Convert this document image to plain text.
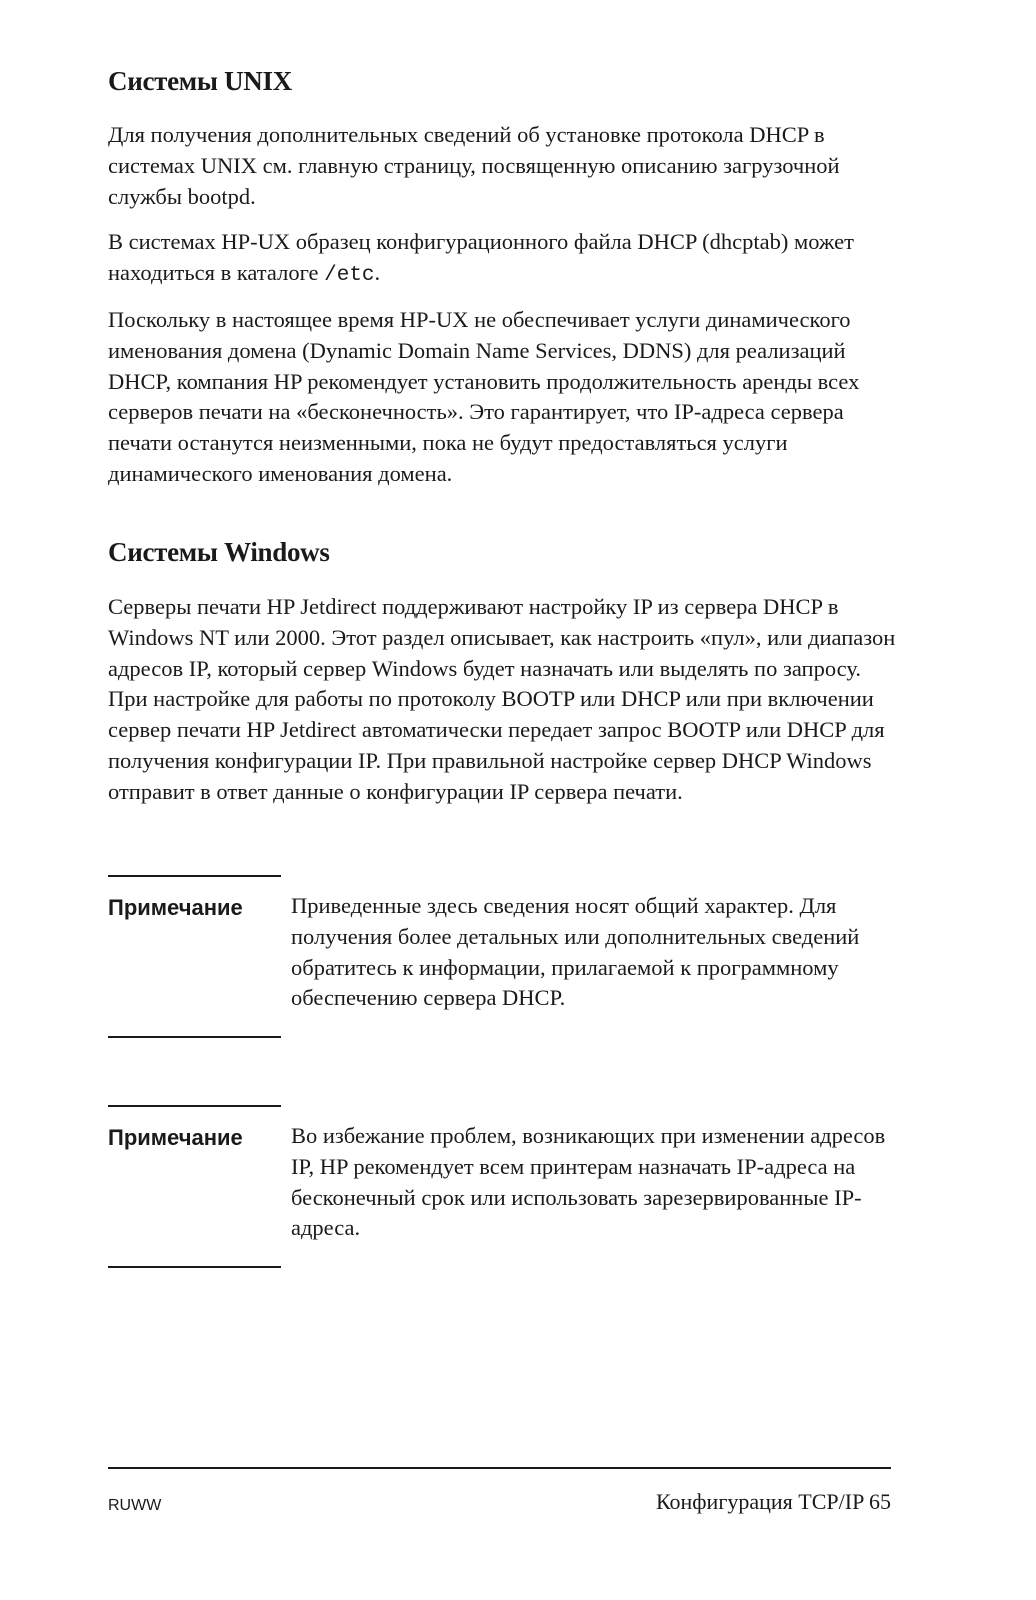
Системы UNIX

Для получения дополнительных сведений об установке протокола DHCP в системах UNIX см. главную страницу, посвященную описанию загрузочной службы bootpd.

В системах HP-UX образец конфигурационного файла DHCP (dhcptab) может находиться в каталоге /etc.

Поскольку в настоящее время HP-UX не обеспечивает услуги динамического именования домена (Dynamic Domain Name Services, DDNS) для реализаций DHCP, компания HP рекомендует установить продолжительность аренды всех серверов печати на «бесконечность». Это гарантирует, что IP-адреса сервера печати останутся неизменными, пока не будут предоставляться услуги динамического именования домена.

Системы Windows

Серверы печати HP Jetdirect поддерживают настройку IP из сервера DHCP в Windows NT или 2000. Этот раздел описывает, как настроить «пул», или диапазон адресов IP, который сервер Windows будет назначать или выделять по запросу. При настройке для работы по протоколу BOOTP или DHCP или при включении сервер печати HP Jetdirect автоматически передает запрос BOOTP или DHCP для получения конфигурации IP. При правильной настройке сервер DHCP Windows отправит в ответ данные о конфигурации IP сервера печати.

Примечание Приведенные здесь сведения носят общий характер. Для получения более детальных или дополнительных сведений обратитесь к информации, прилагаемой к программному обеспечению сервера DHCP.
Примечание Во избежание проблем, возникающих при изменении адресов IP, HP рекомендует всем принтерам назначать IP-адреса на бесконечный срок или использовать зарезервированные IP-адреса.
RUWW	Конфигурация TCP/IP 65
